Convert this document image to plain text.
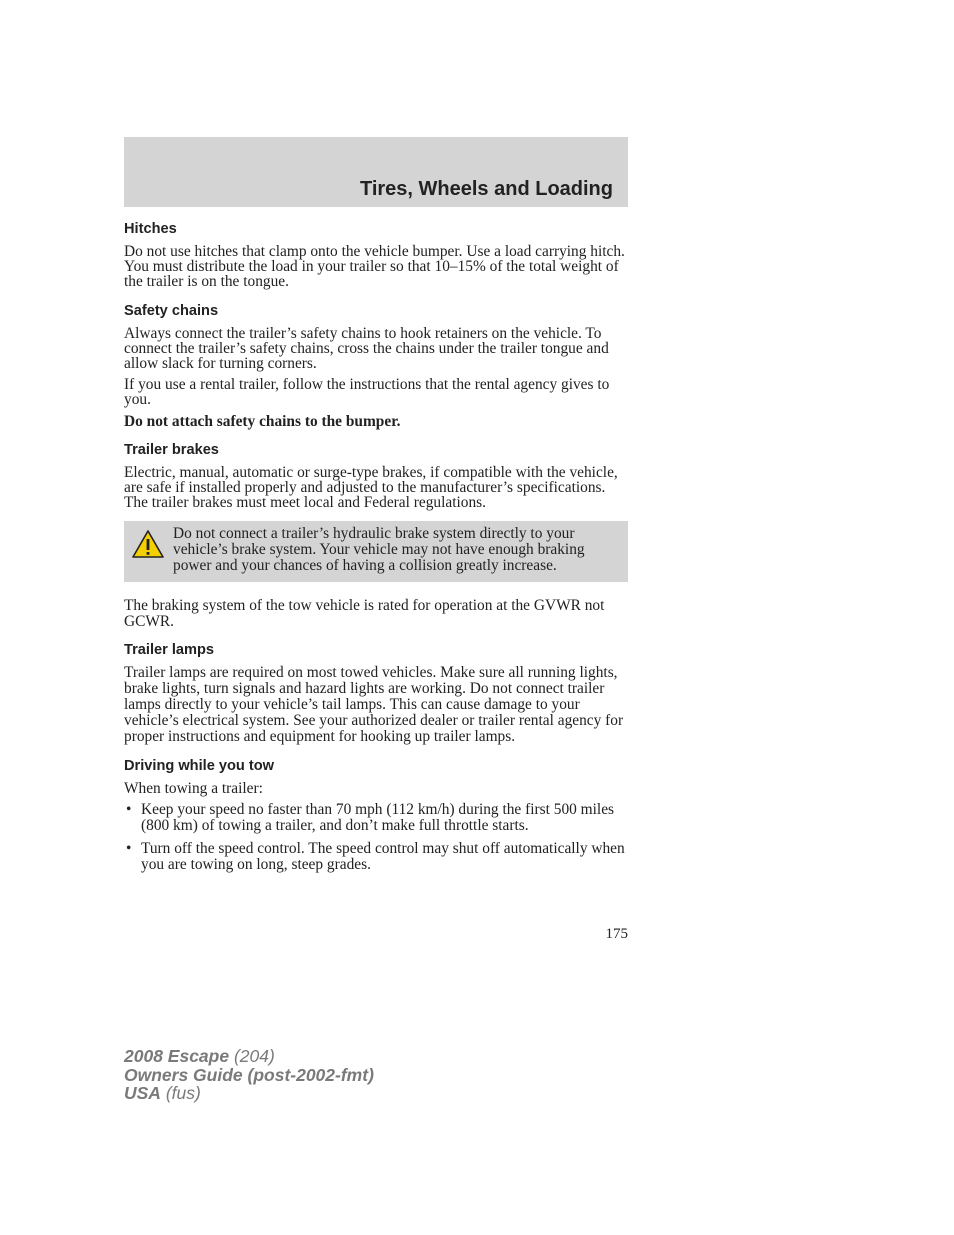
Tires, Wheels and Loading
Hitches

Do not use hitches that clamp onto the vehicle bumper. Use a load carrying hitch. You must distribute the load in your trailer so that 10–15% of the total weight of the trailer is on the tongue.

Safety chains

Always connect the trailer’s safety chains to hook retainers on the vehicle. To connect the trailer’s safety chains, cross the chains under the trailer tongue and allow slack for turning corners.

If you use a rental trailer, follow the instructions that the rental agency gives to you.

Do not attach safety chains to the bumper.

Trailer brakes

Electric, manual, automatic or surge-type brakes, if compatible with the vehicle, are safe if installed properly and adjusted to the manufacturer’s specifications. The trailer brakes must meet local and Federal regulations.

Do not connect a trailer’s hydraulic brake system directly to your vehicle’s brake system. Your vehicle may not have enough braking power and your chances of having a collision greatly increase.

The braking system of the tow vehicle is rated for operation at the GVWR not GCWR.

Trailer lamps

Trailer lamps are required on most towed vehicles. Make sure all running lights, brake lights, turn signals and hazard lights are working. Do not connect trailer lamps directly to your vehicle’s tail lamps. This can cause damage to your vehicle’s electrical system. See your authorized dealer or trailer rental agency for proper instructions and equipment for hooking up trailer lamps.

Driving while you tow

When towing a trailer:

• Keep your speed no faster than 70 mph (112 km/h) during the first 500 miles (800 km) of towing a trailer, and don’t make full throttle starts.
• Turn off the speed control. The speed control may shut off automatically when you are towing on long, steep grades.
175
2008 Escape (204)
Owners Guide (post-2002-fmt)
USA (fus)
